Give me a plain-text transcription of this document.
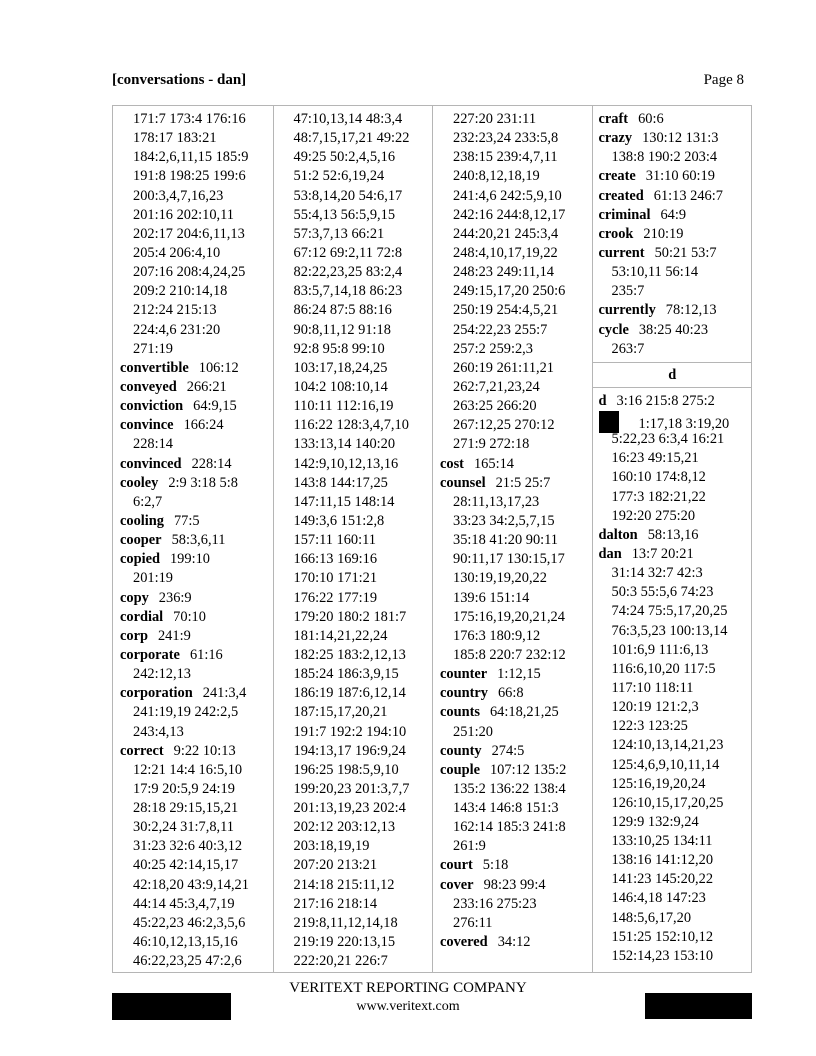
[conversations - dan]	Page 8
171:7 173:4 176:16
178:17 183:21
184:2,6,11,15 185:9
191:8 198:25 199:6
200:3,4,7,16,23
201:16 202:10,11
202:17 204:6,11,13
205:4 206:4,10
207:16 208:4,24,25
209:2 210:14,18
212:24 215:13
224:4,6 231:20
271:19
convertible 106:12
conveyed 266:21
conviction 64:9,15
convince 166:24
228:14
convinced 228:14
cooley 2:9 3:18 5:8
6:2,7
cooling 77:5
cooper 58:3,6,11
copied 199:10
201:19
copy 236:9
cordial 70:10
corp 241:9
corporate 61:16
242:12,13
corporation 241:3,4
241:19,19 242:2,5
243:4,13
correct 9:22 10:13
12:21 14:4 16:5,10
17:9 20:5,9 24:19
28:18 29:15,15,21
30:2,24 31:7,8,11
31:23 32:6 40:3,12
40:25 42:14,15,17
42:18,20 43:9,14,21
44:14 45:3,4,7,19
45:22,23 46:2,3,5,6
46:10,12,13,15,16
46:22,23,25 47:2,6
47:10,13,14 48:3,4
48:7,15,17,21 49:22
49:25 50:2,4,5,16
51:2 52:6,19,24
53:8,14,20 54:6,17
55:4,13 56:5,9,15
57:3,7,13 66:21
67:12 69:2,11 72:8
82:22,23,25 83:2,4
83:5,7,14,18 86:23
86:24 87:5 88:16
90:8,11,12 91:18
92:8 95:8 99:10
103:17,18,24,25
104:2 108:10,14
110:11 112:16,19
116:22 128:3,4,7,10
133:13,14 140:20
142:9,10,12,13,16
143:8 144:17,25
147:11,15 148:14
149:3,6 151:2,8
157:11 160:11
166:13 169:16
170:10 171:21
176:22 177:19
179:20 180:2 181:7
181:14,21,22,24
182:25 183:2,12,13
185:24 186:3,9,15
186:19 187:6,12,14
187:15,17,20,21
191:7 192:2 194:10
194:13,17 196:9,24
196:25 198:5,9,10
199:20,23 201:3,7,7
201:13,19,23 202:4
202:12 203:12,13
203:18,19,19
207:20 213:21
214:18 215:11,12
217:16 218:14
219:8,11,12,14,18
219:19 220:13,15
222:20,21 226:7
227:20 231:11
232:23,24 233:5,8
238:15 239:4,7,11
240:8,12,18,19
241:4,6 242:5,9,10
242:16 244:8,12,17
244:20,21 245:3,4
248:4,10,17,19,22
248:23 249:11,14
249:15,17,20 250:6
250:19 254:4,5,21
254:22,23 255:7
257:2 259:2,3
260:19 261:11,21
262:7,21,23,24
263:25 266:20
267:12,25 270:12
271:9 272:18
cost 165:14
counsel 21:5 25:7
28:11,13,17,23
33:23 34:2,5,7,15
35:18 41:20 90:11
90:11,17 130:15,17
130:19,19,20,22
139:6 151:14
175:16,19,20,21,24
176:3 180:9,12
185:8 220:7 232:12
counter 1:12,15
country 66:8
counts 64:18,21,25
251:20
county 274:5
couple 107:12 135:2
135:2 136:22 138:4
143:4 146:8 151:3
162:14 185:3 241:8
261:9
court 5:18
cover 98:23 99:4
233:16 275:23
276:11
covered 34:12
craft 60:6
crazy 130:12 131:3
138:8 190:2 203:4
create 31:10 60:19
created 61:13 246:7
criminal 64:9
crook 210:19
current 50:21 53:7
53:10,11 56:14
235:7
currently 78:12,13
cycle 38:25 40:23
263:7
d
d 3:16 215:8 275:2
1:17,18 3:19,20
5:22,23 6:3,4 16:21
16:23 49:15,21
160:10 174:8,12
177:3 182:21,22
192:20 275:20
dalton 58:13,16
dan 13:7 20:21
31:14 32:7 42:3
50:3 55:5,6 74:23
74:24 75:5,17,20,25
76:3,5,23 100:13,14
101:6,9 111:6,13
116:6,10,20 117:5
117:10 118:11
120:19 121:2,3
122:3 123:25
124:10,13,14,21,23
125:4,6,9,10,11,14
125:16,19,20,24
126:10,15,17,20,25
129:9 132:9,24
133:10,25 134:11
138:16 141:12,20
141:23 145:20,22
146:4,18 147:23
148:5,6,17,20
151:25 152:10,12
152:14,23 153:10
VERITEXT REPORTING COMPANY
www.veritext.com
